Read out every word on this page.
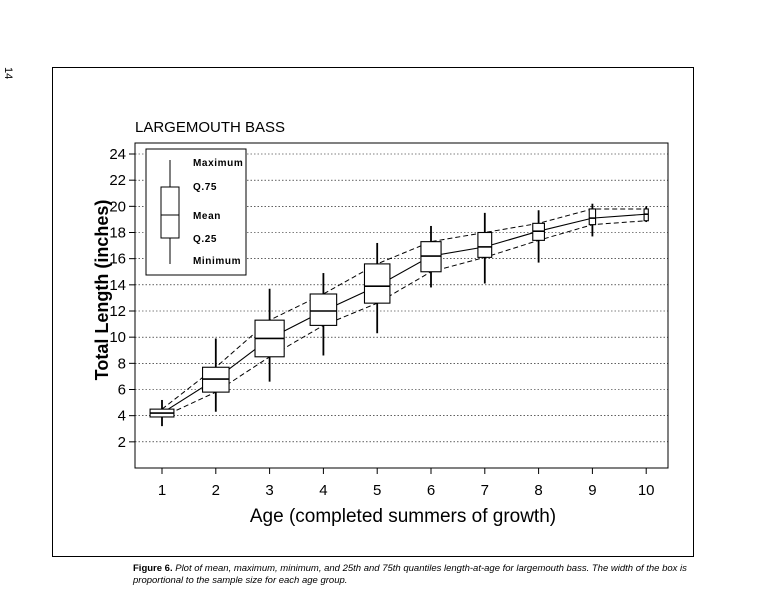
14
LARGEMOUTH BASS
Total Length (inches)
Age (completed summers of growth)
2
4
6
8
10
12
14
16
18
20
22
24
1	2	3	4	5	6	7	8	9	10
Maximum
Q.75
Mean
Q.25
Minimum
Figure 6. Plot of mean, maximum, minimum, and 25th and 75th quantiles length-at-age for largemouth bass. The width of the box is proportional to the sample size for each age group.
